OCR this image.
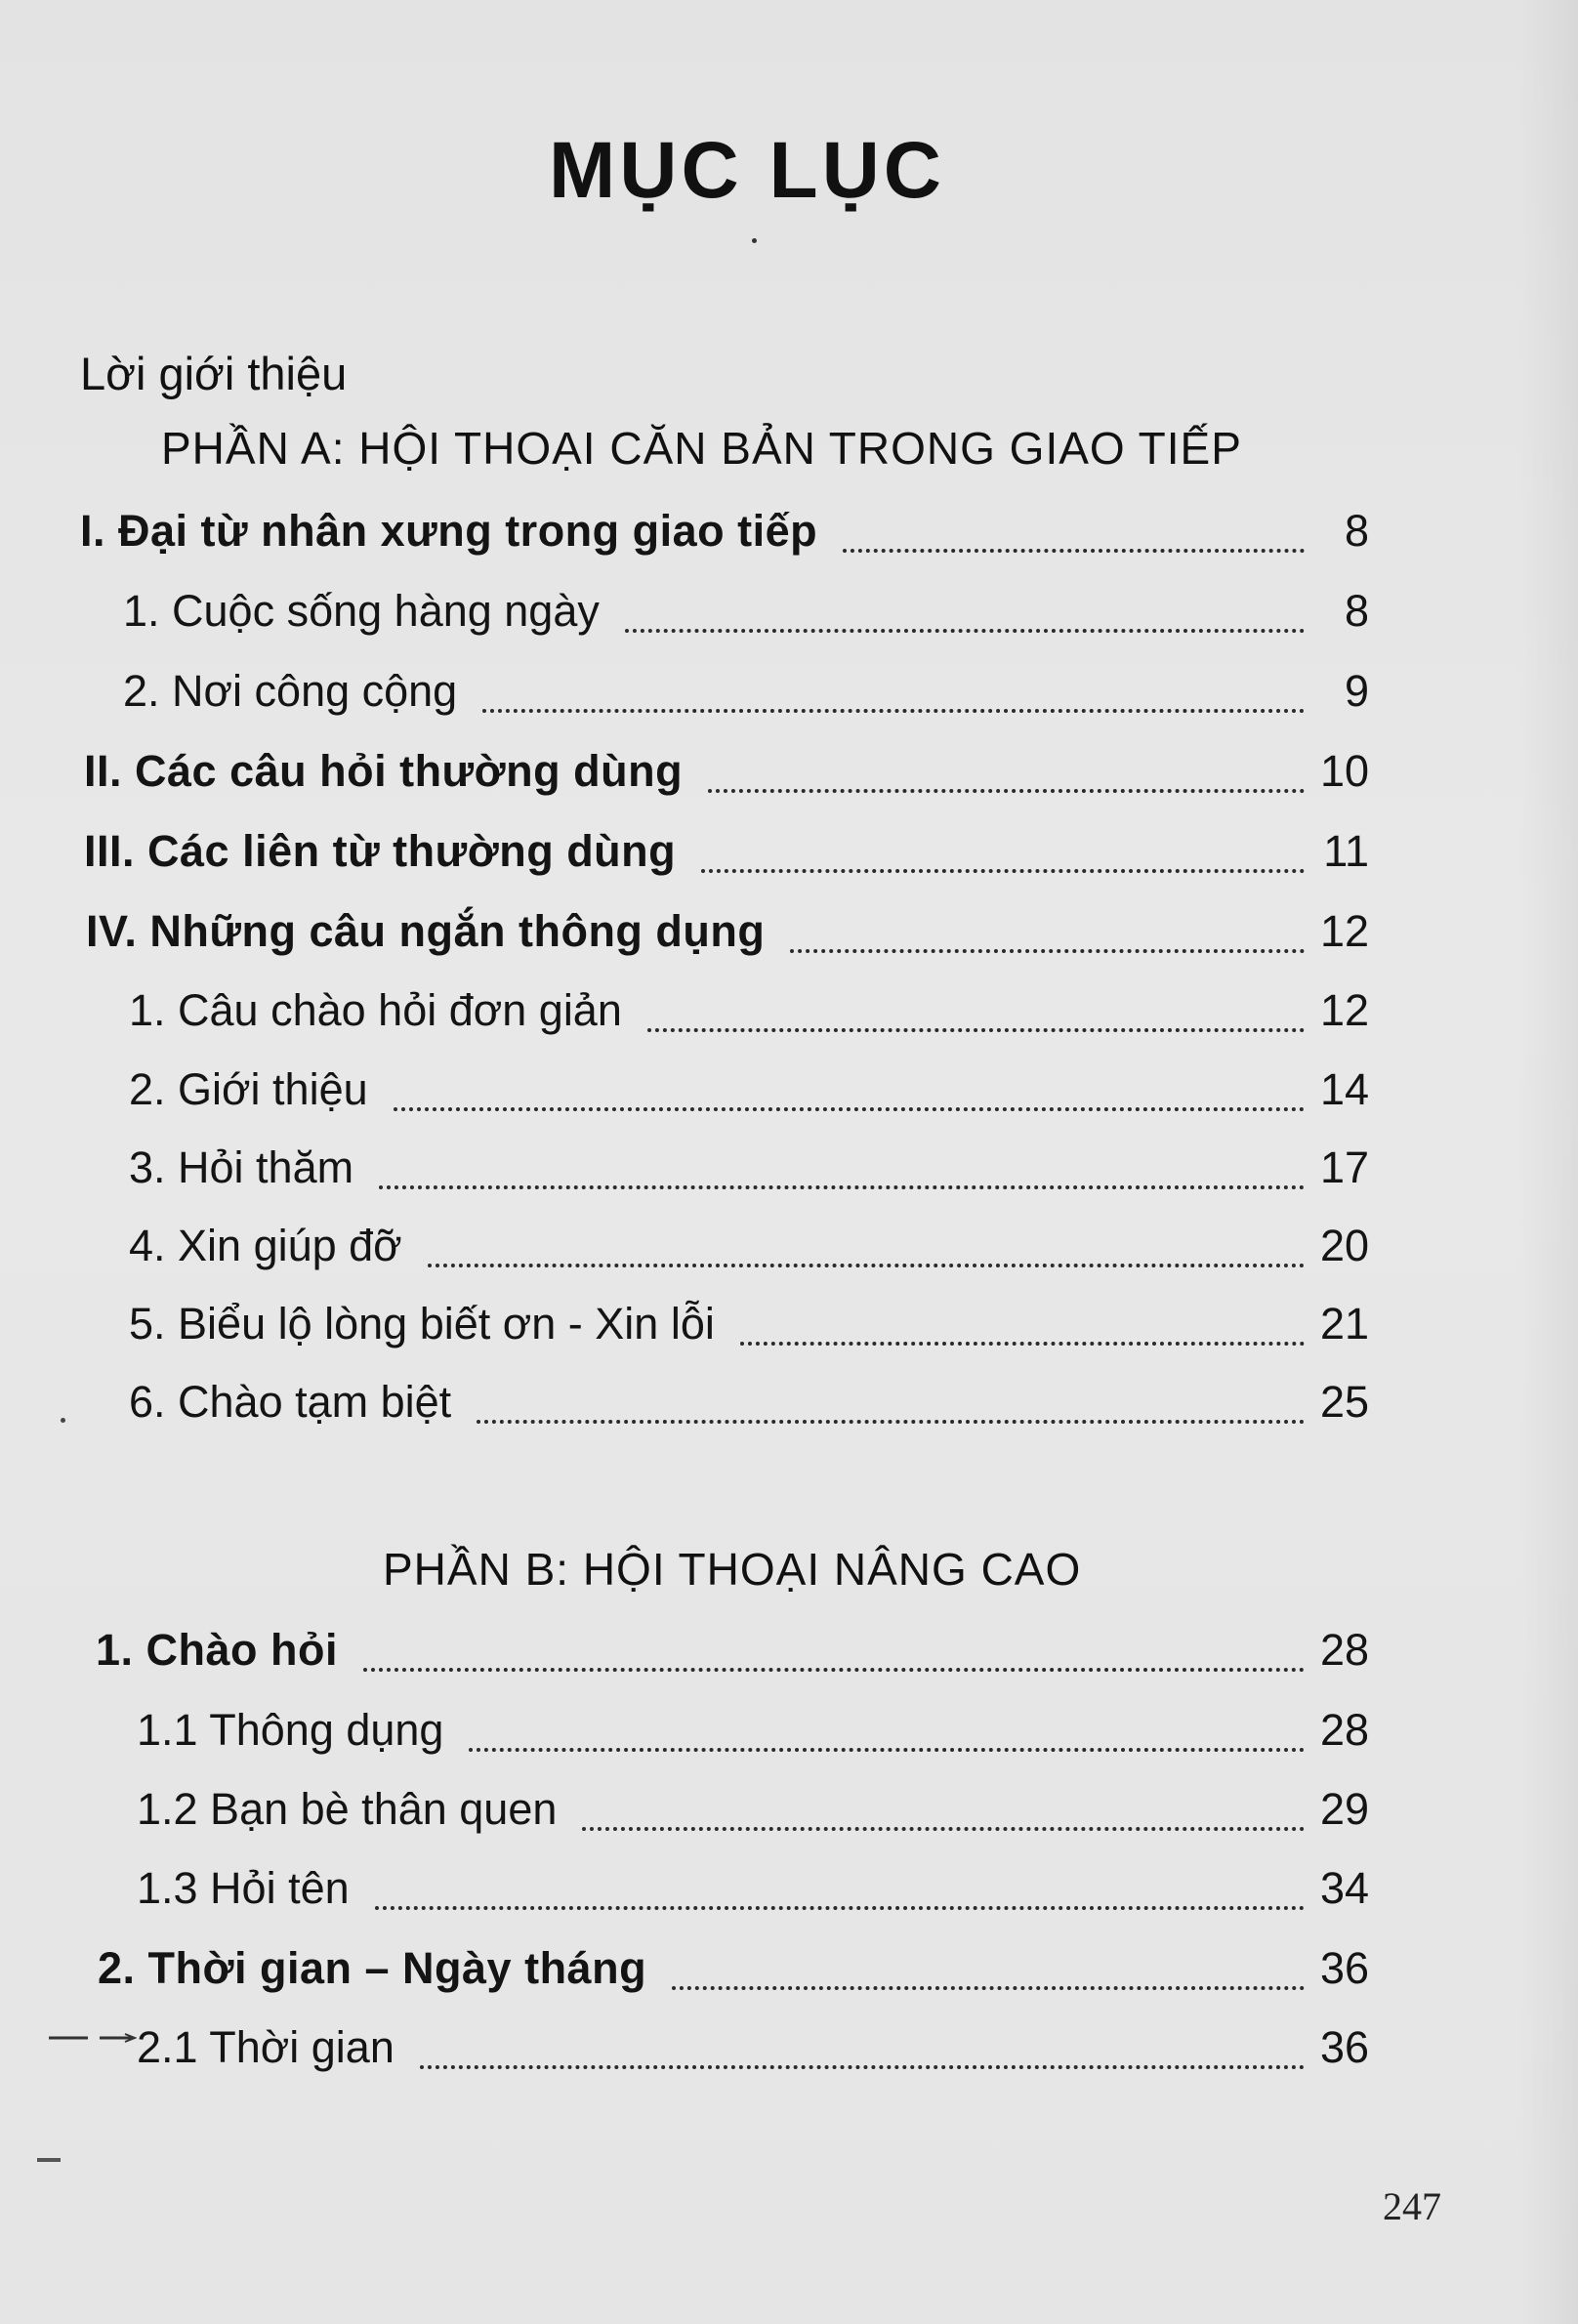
MỤC LỤC
Lời giới thiệu
PHẦN A: HỘI THOẠI CĂN BẢN TRONG GIAO TIẾP
I. Đại từ nhân xưng trong giao tiếp	8
1. Cuộc sống hàng ngày	8
2. Nơi công cộng	9
II. Các câu hỏi thường dùng	10
III. Các liên từ thường dùng	11
IV. Những câu ngắn thông dụng	12
1. Câu chào hỏi đơn giản	12
2. Giới thiệu	14
3. Hỏi thăm	17
4. Xin giúp đỡ	20
5. Biểu lộ lòng biết ơn - Xin lỗi	21
6. Chào tạm biệt	25
PHẦN B: HỘI THOẠI NÂNG CAO
1. Chào hỏi	28
1.1 Thông dụng	28
1.2 Bạn bè thân quen	29
1.3 Hỏi tên	34
2. Thời gian – Ngày tháng	36
2.1 Thời gian	36
247
